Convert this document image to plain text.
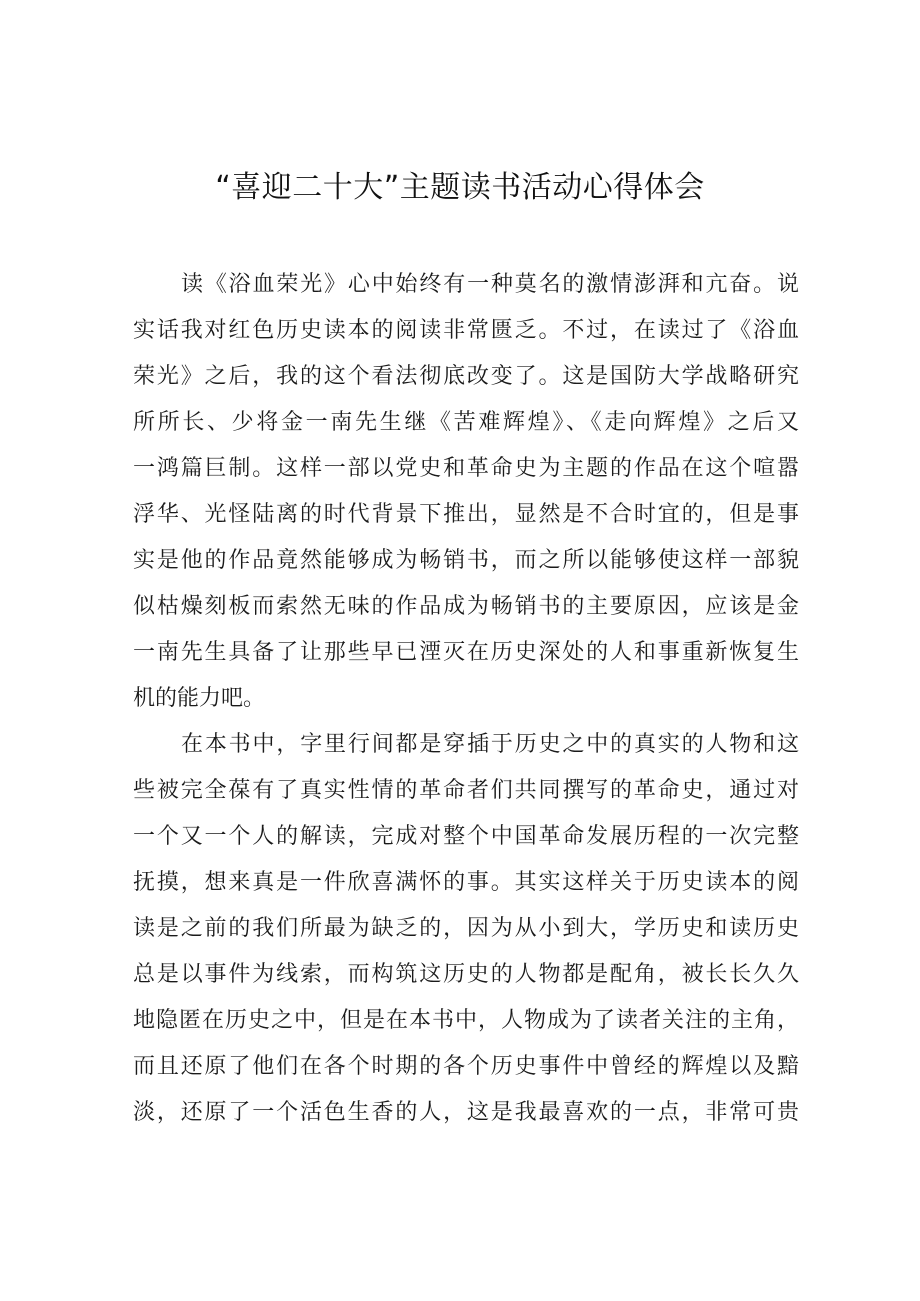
“喜迎二十大”主题读书活动心得体会
读《浴血荣光》心中始终有一种莫名的激情澎湃和亢奋。说
实话我对红色历史读本的阅读非常匮乏。不过，在读过了《浴血
荣光》之后，我的这个看法彻底改变了。这是国防大学战略研究
所所长、少将金一南先生继《苦难辉煌》、《走向辉煌》之后又
一鸿篇巨制。这样一部以党史和革命史为主题的作品在这个喧嚣
浮华、光怪陆离的时代背景下推出，显然是不合时宜的，但是事
实是他的作品竟然能够成为畅销书，而之所以能够使这样一部貌
似枯燥刻板而索然无味的作品成为畅销书的主要原因，应该是金
一南先生具备了让那些早已湮灭在历史深处的人和事重新恢复生
机的能力吧。
在本书中，字里行间都是穿插于历史之中的真实的人物和这
些被完全葆有了真实性情的革命者们共同撰写的革命史，通过对
一个又一个人的解读，完成对整个中国革命发展历程的一次完整
抚摸，想来真是一件欣喜满怀的事。其实这样关于历史读本的阅
读是之前的我们所最为缺乏的，因为从小到大，学历史和读历史
总是以事件为线索，而构筑这历史的人物都是配角，被长长久久
地隐匿在历史之中，但是在本书中，人物成为了读者关注的主角，
而且还原了他们在各个时期的各个历史事件中曾经的辉煌以及黯
淡，还原了一个活色生香的人，这是我最喜欢的一点，非常可贵
